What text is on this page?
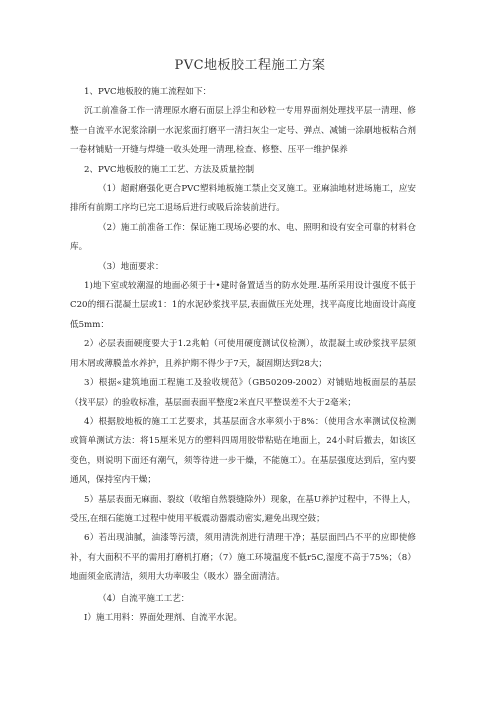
PVC地板胶工程施工方案

1、PVC地板胶的施工流程如下：

沉工前准备工作一清理原水磨石面层上浮尘和砂粒一专用界面剂处理找平层一清理、修整一自流平水泥浆涂刷一水泥浆面打磨平一清扫灰尘一定号、弹点、减铺一涂刷地板粘合剂一卷材铺贴一开缝与焊缝一收头处理一清理,检查、修整、压平一维护保养

2、PVC地板胶的施工工艺、方法及质量控制

（1）超耐磨强化更合PVC塑料地板施工禁止交叉施工。亚麻油地材进场施工，应安排所有前期工序均已完工退场后进行或吸后涂装前进行。

（2）施工前准备工作：保证施工现场必要的水、电、照明和设有安全可靠的材料仓库。

（3）地面要求：

1)地下室或较潮湿的地面必须于十•建时备置适当的防水处理.基所采用设计强度不低于C20的细石混凝土层或1：1的水泥砂浆找平层,表面做压光处理，找平高度比地面设计高度低5mm：

2）必层表面硬度要大于1.2兆帕（可使用硬度测试仪检测），故混凝土或砂浆找平层须用木屑或薄膜盖水养护，且养护期不得少于7天，凝固期达到28大；

3）根据«建筑地面工程施工及验收规范》（GB50209-2002）对铺贴地板面层的基层（找平层）的验收标准，基层面表面平整度2米直尺平整误差不大于2毫米；

4）根据胶地板的施工工艺要求，其基层面含水率须小于8%：（使用含水率测试仪检测或简单测试方法：将15厘米见方的塑料四周用胶带粘贴在地面上，24小时后撤去，如该区变色，则说明下面还有潮气，须等待进一步干燥，不能施工）。在基层强度达到后，室内要通风，保持室内干燥；

5）基层表面无麻面、裂纹（收缩自然裂缝除外）现象，在基U养护过程中，不得上人，受压,在细石能施工过程中使用平板震动器震动密实,避免出现空鼓；

6）若出现油腻，油漆等污渍，须用清洗剂进行清理干净；基层面凹凸不平的应即使修补，有大面积不平的需用打磨机打磨；（7）施工环境温度不低r5C,湿度不高于75%；（8）地面须金底清洁，须用大功率吸尘（吸水）器全面清洁。

（4）自流平施工工艺：

I）施工用料：界面处理剂、自流平水泥。
